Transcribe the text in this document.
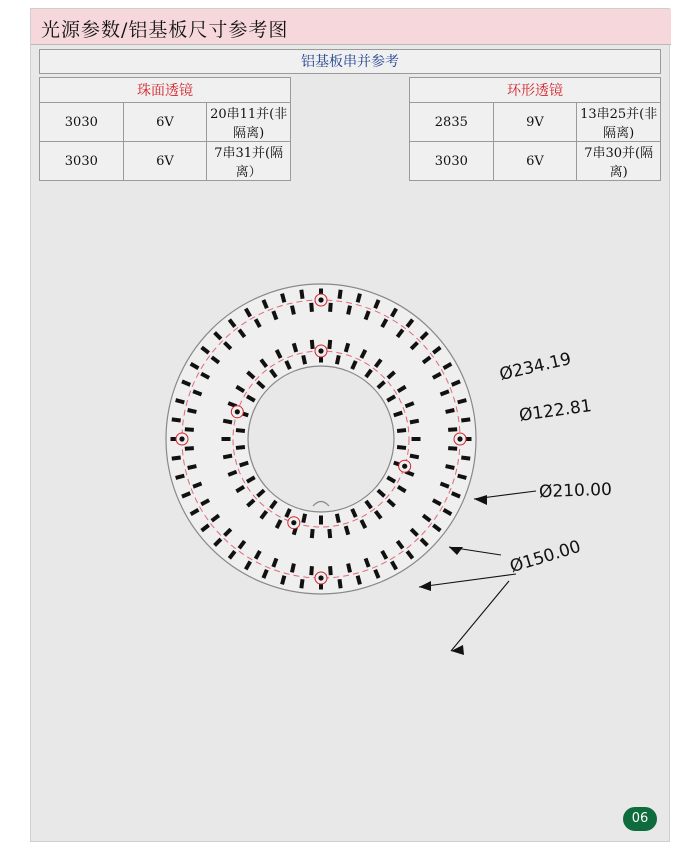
光源参数/铝基板尺寸参考图
铝基板串并参考
珠面透镜		
3030	6V	20串11并(非隔离)
3030	6V	7串31并(隔离）
环形透镜		
2835	9V	13串25并(非隔离)
3030	6V	7串30并(隔离)
Ø234.19
Ø122.81
Ø210.00
Ø150.00
06
